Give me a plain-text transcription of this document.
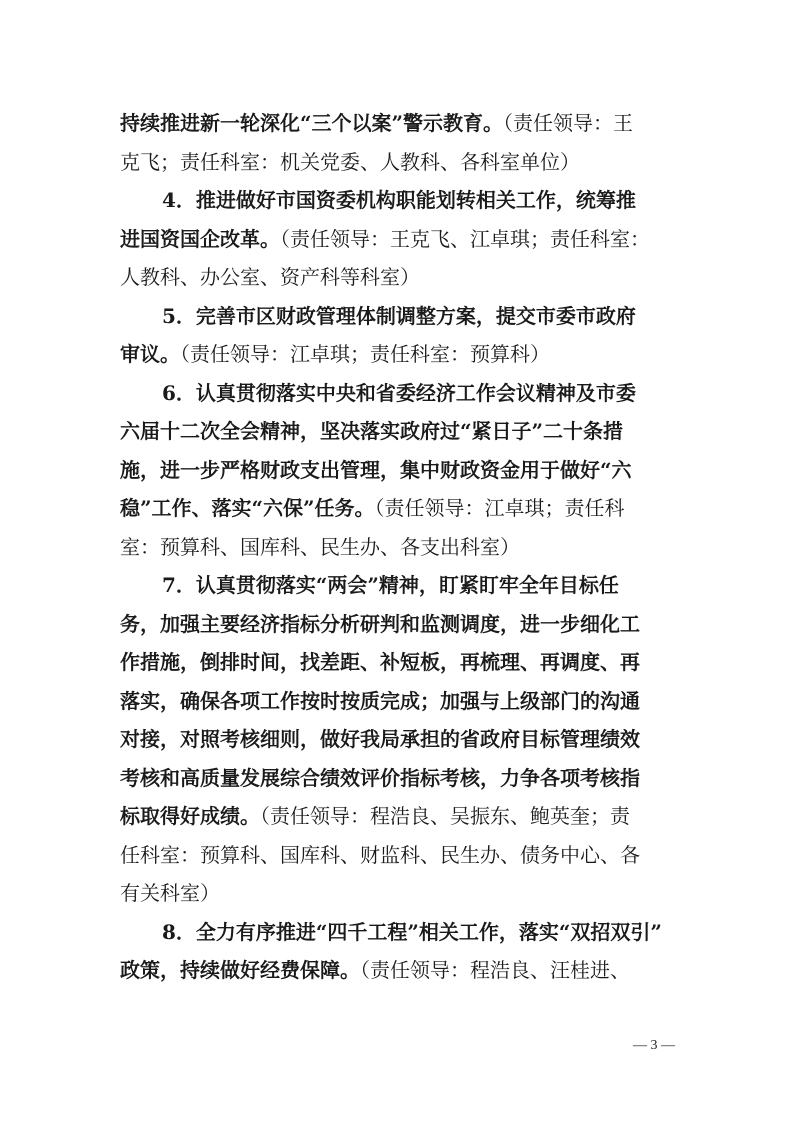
持续推进新一轮深化“三个以案”警示教育。（责任领导：王
克飞；责任科室：机关党委、人教科、各科室单位）
4．推进做好市国资委机构职能划转相关工作，统筹推
进国资国企改革。（责任领导：王克飞、江卓琪；责任科室：
人教科、办公室、资产科等科室）
5．完善市区财政管理体制调整方案，提交市委市政府
审议。（责任领导：江卓琪；责任科室：预算科）
6．认真贯彻落实中央和省委经济工作会议精神及市委
六届十二次全会精神，坚决落实政府过“紧日子”二十条措
施，进一步严格财政支出管理，集中财政资金用于做好“六
稳”工作、落实“六保”任务。（责任领导：江卓琪；责任科
室：预算科、国库科、民生办、各支出科室）
7．认真贯彻落实“两会”精神，盯紧盯牢全年目标任
务，加强主要经济指标分析研判和监测调度，进一步细化工
作措施，倒排时间，找差距、补短板，再梳理、再调度、再
落实，确保各项工作按时按质完成；加强与上级部门的沟通
对接，对照考核细则，做好我局承担的省政府目标管理绩效
考核和高质量发展综合绩效评价指标考核，力争各项考核指
标取得好成绩。（责任领导：程浩良、吴振东、鲍英奎；责
任科室：预算科、国库科、财监科、民生办、债务中心、各
有关科室）
8．全力有序推进“四千工程”相关工作，落实“双招双引”
政策，持续做好经费保障。（责任领导：程浩良、汪桂进、
— 3 —
